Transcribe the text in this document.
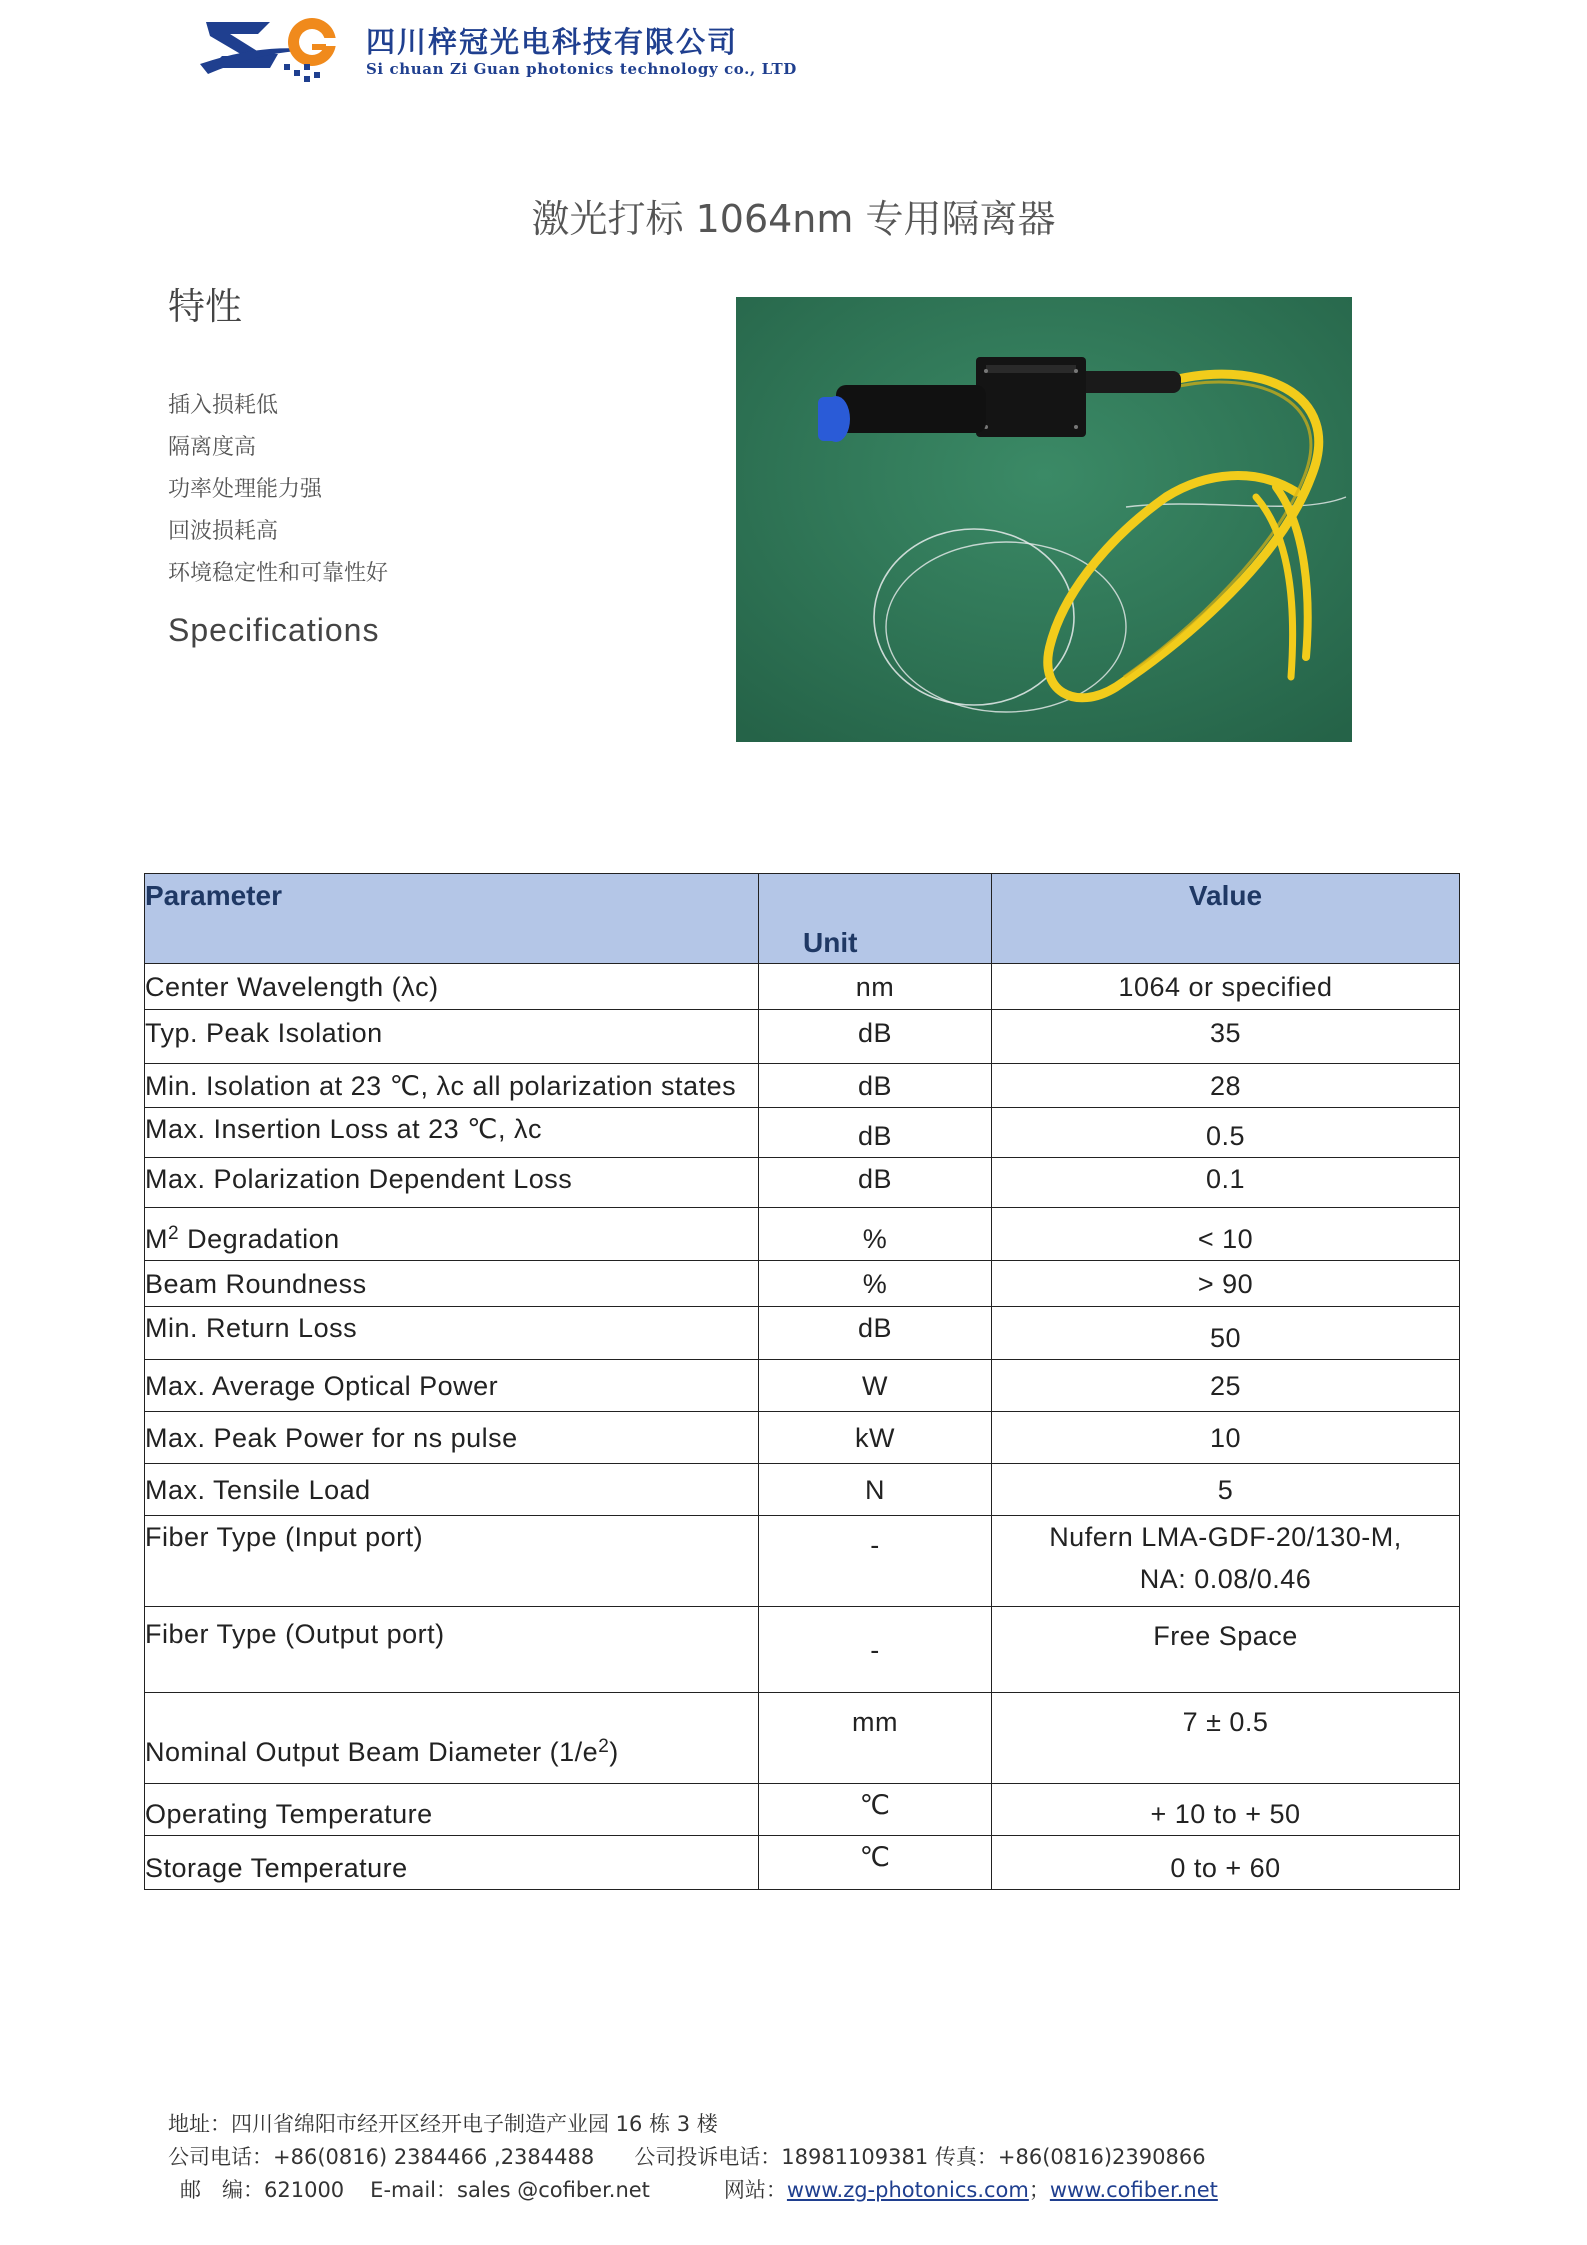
四川梓冠光电科技有限公司
Si chuan Zi Guan photonics technology co., LTD
激光打标 1064nm 专用隔离器
特性
插入损耗低
隔离度高
功率处理能力强
回波损耗高
环境稳定性和可靠性好
Specifications
Parameter	Unit	Value
Center Wavelength (λc)	nm	1064 or specified
Typ. Peak Isolation	dB	35
Min. Isolation at 23 ℃, λc all polarization states	dB	28
Max. Insertion Loss at 23 ℃, λc	dB	0.5
Max. Polarization Dependent Loss	dB	0.1
$M^2$ Degradation	%	< 10
Beam Roundness	%	> 90
Min. Return Loss	dB	50
Max. Average Optical Power	W	25
Max. Peak Power for ns pulse	kW	10
Max. Tensile Load	N	5
Fiber Type (Input port)	-	Nufern LMA-GDF-20/130-M,
NA: 0.08/0.46

Fiber Type (Output port)	-	Free Space
Nominal Output Beam Diameter $(1/e^2)$	mm	7 ± 0.5
Operating Temperature	℃	+ 10 to + 50
Storage Temperature	℃	0 to + 60
地址：四川省绵阳市经开区经开电子制造产业园 16 栋 3 楼
公司电话：+86(0816) 2384466 ,2384488 公司投诉电话：18981109381 传真：+86(0816)2390866
邮　编：621000 E-mail：sales @cofiber.net	网站：www.zg-photonics.com；www.cofiber.net
